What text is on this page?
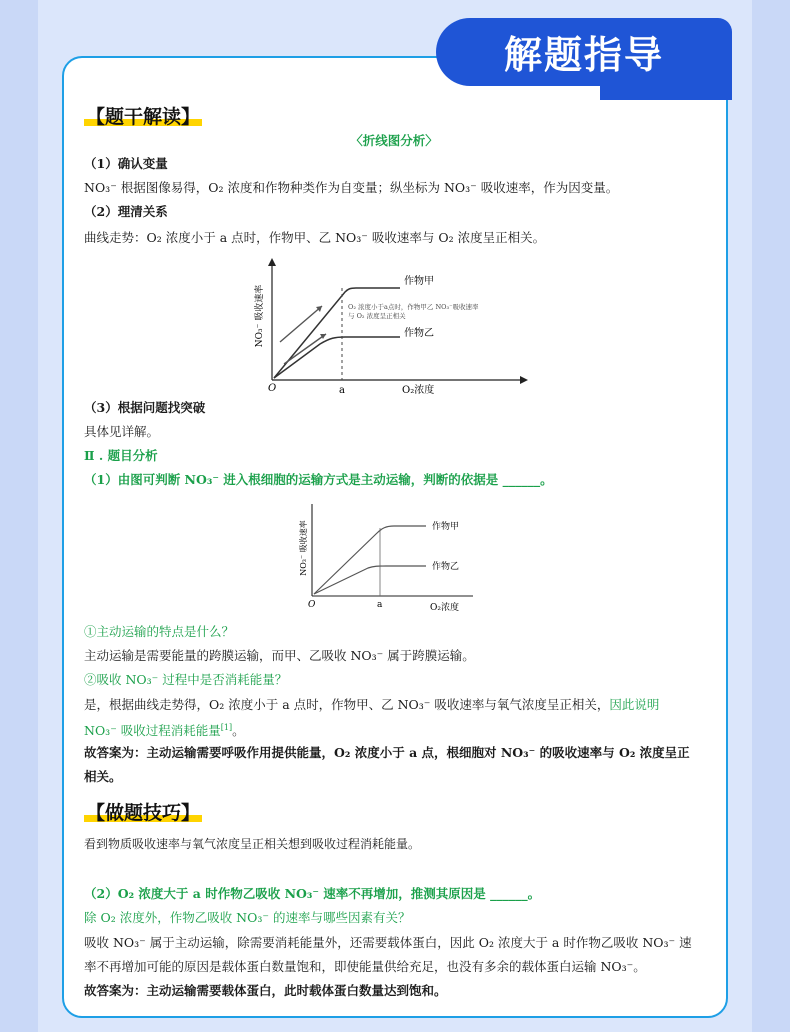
解题指导
【题干解读】
〈折线图分析〉
（1）确认变量
NO₃⁻ 根据图像易得，O₂ 浓度和作物种类作为自变量；纵坐标为 NO₃⁻ 吸收速率，作为因变量。
（2）理清关系
曲线走势：O₂ 浓度小于 a 点时，作物甲、乙 NO₃⁻ 吸收速率与 O₂ 浓度呈正相关。
NO₃⁻ 吸收速率
O	a	O₂浓度
作物甲
作物乙
O₂ 浓度小于a点时，作物甲乙 NO₃⁻吸收速率
与 O₂ 浓度呈正相关
（3）根据问题找突破
具体见详解。
Ⅱ . 题目分析
（1）由图可判断 NO₃⁻ 进入根细胞的运输方式是主动运输，判断的依据是 ______。
NO₃⁻ 吸收速率
O	a	O₂浓度
作物甲
作物乙
①主动运输的特点是什么？
主动运输是需要能量的跨膜运输，而甲、乙吸收 NO₃⁻ 属于跨膜运输。
②吸收 NO₃⁻ 过程中是否消耗能量？
是，根据曲线走势得，O₂ 浓度小于 a 点时，作物甲、乙 NO₃⁻ 吸收速率与氧气浓度呈正相关，因此说明
NO₃⁻ 吸收过程消耗能量[1]。
故答案为：主动运输需要呼吸作用提供能量，O₂ 浓度小于 a 点，根细胞对 NO₃⁻ 的吸收速率与 O₂ 浓度呈正
相关。
【做题技巧】
看到物质吸收速率与氧气浓度呈正相关想到吸收过程消耗能量。
（2）O₂ 浓度大于 a 时作物乙吸收 NO₃⁻ 速率不再增加，推测其原因是 ______。
除 O₂ 浓度外，作物乙吸收 NO₃⁻ 的速率与哪些因素有关？
吸收 NO₃⁻ 属于主动运输，除需要消耗能量外，还需要载体蛋白，因此 O₂ 浓度大于 a 时作物乙吸收 NO₃⁻ 速
率不再增加可能的原因是载体蛋白数量饱和，即使能量供给充足，也没有多余的载体蛋白运输 NO₃⁻。
故答案为：主动运输需要载体蛋白，此时载体蛋白数量达到饱和。
